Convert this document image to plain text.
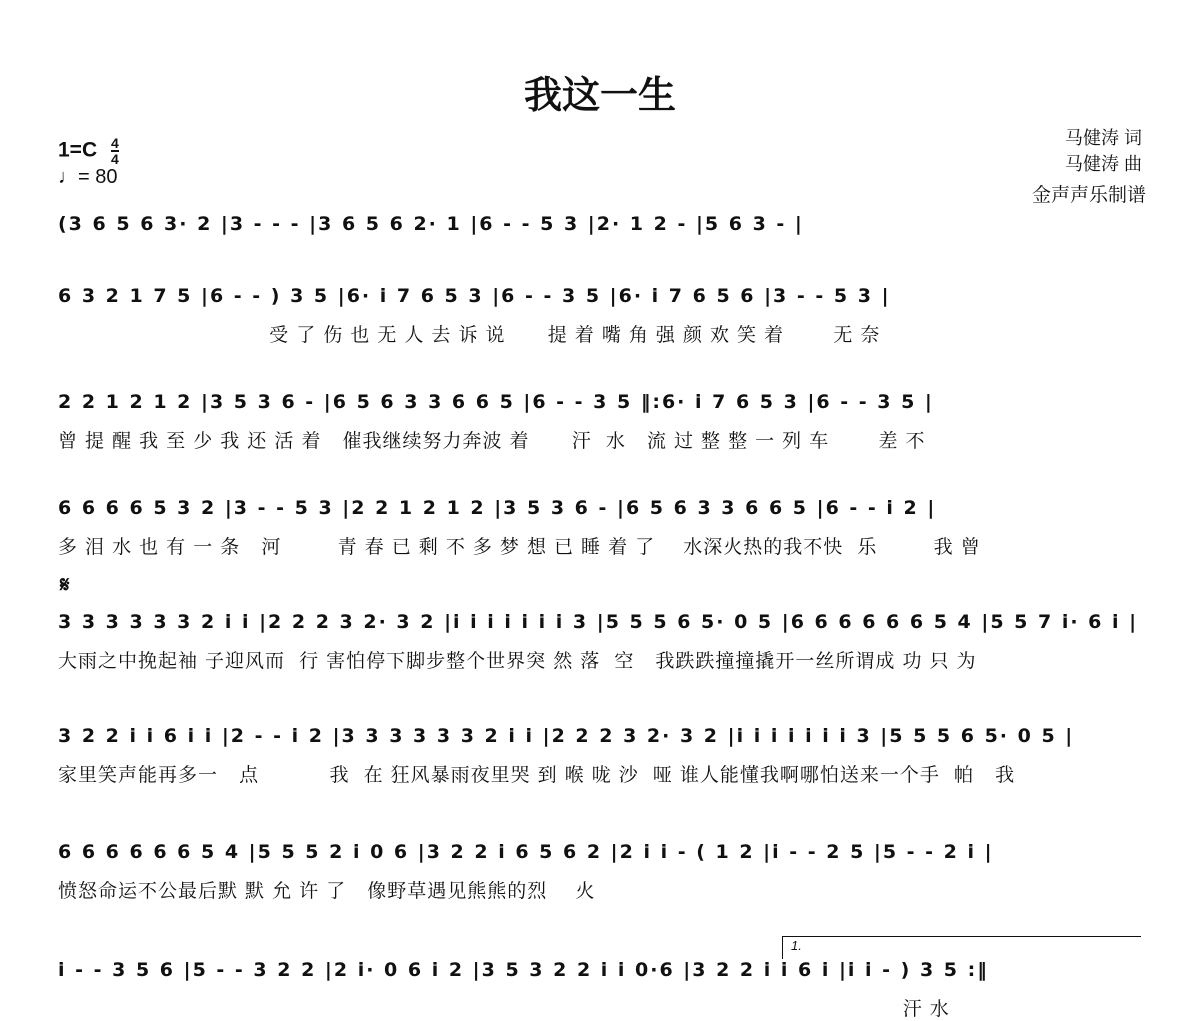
我这一生
$1=C \frac{4}{4}$
♩= 80
马健涛 词
马健涛 曲
金声声乐制谱
𝄋
1.
(3 6 5 6 3· 2 |3 - - - |3 6 5 6 2· 1 |6 - - 5 3 |2· 1 2 - |5 6 3 - |
6 3 2 1 7 5 |6 - - ) 3 5 |6· i 7 6 5 3 |6 - - 3 5 |6· i 7 6 5 6 |3 - - 5 3 |
受 了 伤 也 无 人 去 诉 说      提 着 嘴 角 强 颜 欢 笑 着       无 奈
2 2 1 2 1 2 |3 5 3 6 - |6 5 6 3 3 6 6 5 |6 - - 3 5 ‖:6· i 7 6 5 3 |6 - - 3 5 |
曾 提 醒 我 至 少 我 还 活 着   催我继续努力奔波 着      汗  水   流 过 整 整 一 列 车       差 不
6 6 6 6 5 3 2 |3 - - 5 3 |2 2 1 2 1 2 |3 5 3 6 - |6 5 6 3 3 6 6 5 |6 - - i 2 |
多 泪 水 也 有 一 条   河        青 春 已 剩 不 多 梦 想 已 睡 着 了    水深火热的我不快  乐        我 曾
3 3 3 3 3 3 2 i i |2 2 2 3 2· 3 2 |i i i i i i i 3 |5 5 5 6 5· 0 5 |6 6 6 6 6 6 5 4 |5 5 7 i· 6 i |
大雨之中挽起袖 子迎风而  行 害怕停下脚步整个世界突 然 落  空   我跌跌撞撞撬开一丝所谓成 功 只 为
3 2 2 i i 6 i i |2 - - i 2 |3 3 3 3 3 3 2 i i |2 2 2 3 2· 3 2 |i i i i i i i 3 |5 5 5 6 5· 0 5 |
家里笑声能再多一   点          我  在 狂风暴雨夜里哭 到 喉 咙 沙  哑 谁人能懂我啊哪怕送来一个手  帕   我
6 6 6 6 6 6 5 4 |5 5 5 2 i 0 6 |3 2 2 i 6 5 6 2 |2 i i - ( 1 2 |i - - 2 5 |5 - - 2 i |
愤怒命运不公最后默 默 允 许 了   像野草遇见熊熊的烈    火
i - - 3 5 6 |5 - - 3 2 2 |2 i· 0 6 i 2 |3 5 3 2 2 i i 0·6 |3 2 2 i i 6 i |i i - ) 3 5 :‖
汗 水
